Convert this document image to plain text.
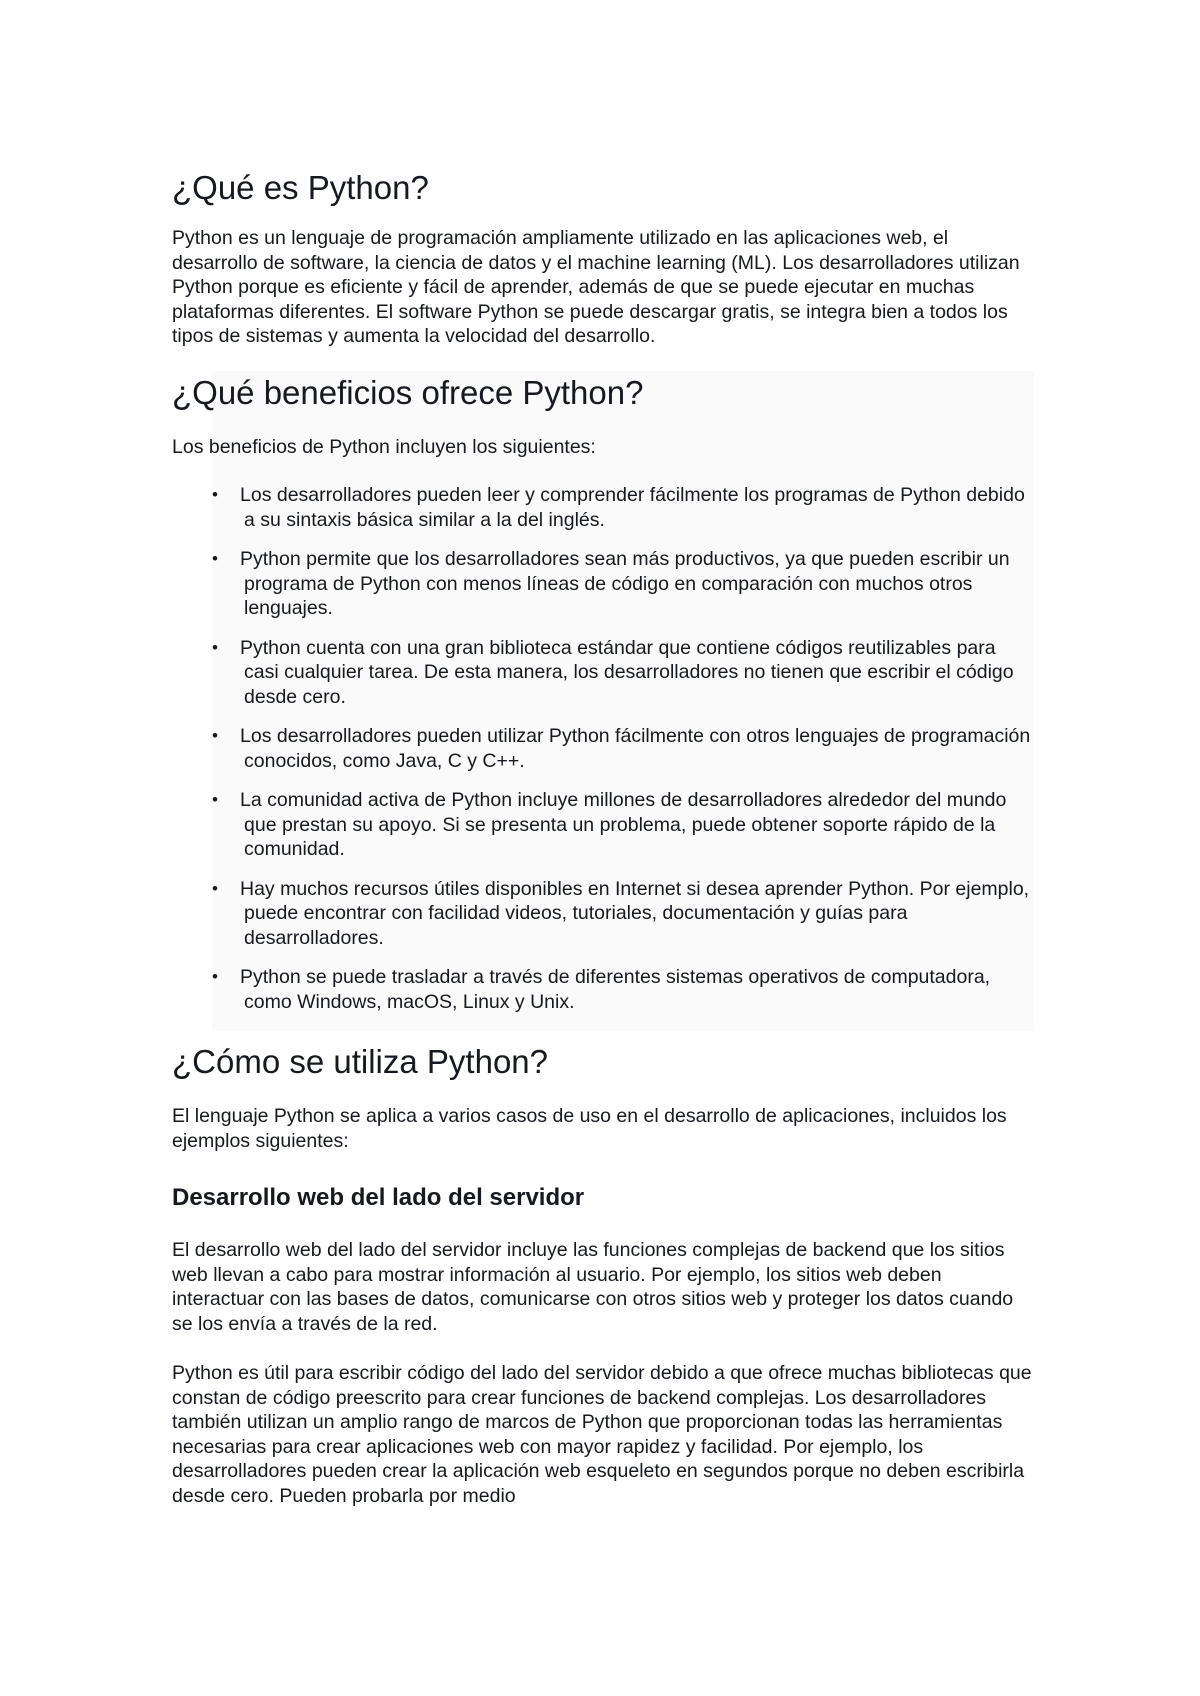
¿Qué es Python?

Python es un lenguaje de programación ampliamente utilizado en las aplicaciones web, el desarrollo de software, la ciencia de datos y el machine learning (ML). Los desarrolladores utilizan Python porque es eficiente y fácil de aprender, además de que se puede ejecutar en muchas plataformas diferentes. El software Python se puede descargar gratis, se integra bien a todos los tipos de sistemas y aumenta la velocidad del desarrollo.

¿Qué beneficios ofrece Python?

Los beneficios de Python incluyen los siguientes:

• Los desarrolladores pueden leer y comprender fácilmente los programas de Python debido a su sintaxis básica similar a la del inglés.
• Python permite que los desarrolladores sean más productivos, ya que pueden escribir un programa de Python con menos líneas de código en comparación con muchos otros lenguajes.
• Python cuenta con una gran biblioteca estándar que contiene códigos reutilizables para casi cualquier tarea. De esta manera, los desarrolladores no tienen que escribir el código desde cero.
• Los desarrolladores pueden utilizar Python fácilmente con otros lenguajes de programación conocidos, como Java, C y C++.
• La comunidad activa de Python incluye millones de desarrolladores alrededor del mundo que prestan su apoyo. Si se presenta un problema, puede obtener soporte rápido de la comunidad.
• Hay muchos recursos útiles disponibles en Internet si desea aprender Python. Por ejemplo, puede encontrar con facilidad videos, tutoriales, documentación y guías para desarrolladores.
• Python se puede trasladar a través de diferentes sistemas operativos de computadora, como Windows, macOS, Linux y Unix.
¿Cómo se utiliza Python?

El lenguaje Python se aplica a varios casos de uso en el desarrollo de aplicaciones, incluidos los ejemplos siguientes:

Desarrollo web del lado del servidor

El desarrollo web del lado del servidor incluye las funciones complejas de backend que los sitios web llevan a cabo para mostrar información al usuario. Por ejemplo, los sitios web deben interactuar con las bases de datos, comunicarse con otros sitios web y proteger los datos cuando se los envía a través de la red.

Python es útil para escribir código del lado del servidor debido a que ofrece muchas bibliotecas que constan de código preescrito para crear funciones de backend complejas. Los desarrolladores también utilizan un amplio rango de marcos de Python que proporcionan todas las herramientas necesarias para crear aplicaciones web con mayor rapidez y facilidad. Por ejemplo, los desarrolladores pueden crear la aplicación web esqueleto en segundos porque no deben escribirla desde cero. Pueden probarla por medio
